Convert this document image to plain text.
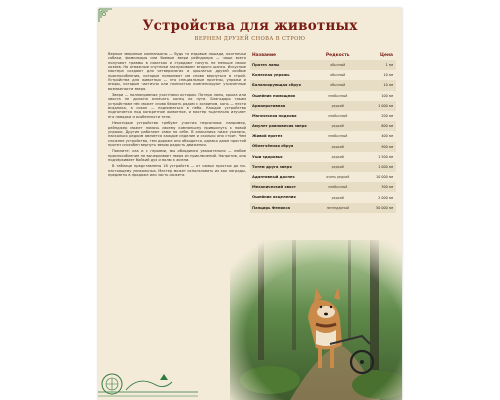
Устройства для животных
ВЕРНЕМ ДРУЗЕЙ СНОВА В СТРОЮ

Верные звериные компаньоны — будь то ездовые лошади, охотничьи собаки, фамильяры или боевые звери рейнджера — чаще всего получают травмы в схватках и страдают ничуть не меньше своих хозяев. Но отважные спутники заслуживают второго шанса. Искусные мастера создают для четвероногих и крылатых друзей особые приспособления, которые позволяют им снова вернуться в строй. Устройства для животных — это специальные протезы, упряжи и опоры, которые частично или полностью компенсируют утраченные возможности зверя.

Звери — полноправные участники истории. Потеря лапы, крыла или хвоста не должна означать конец их пути. Благодаря таким устройствам пёс может снова бежать рядом с хозяином, конь — нести всадника, а сокол — подниматься в небо. Каждое устройство подгоняется под конкретное животное, и мастер тщательно изучает его повадки и особенности тела.

Некоторые устройства требуют участия персонажа: например, рейнджер может помочь своему компаньону привыкнуть к новой упряжи. Другие работают сами по себе. В описаниях ниже указано, насколько редким является каждое изделие и сколько оно стоит. Чем сложнее устройство, тем дороже оно обходится, однако даже простой протез способен вернуть зверю радость движения.

Помните: как и с героями, мы обходимся уважительно — любое приспособление не вычеркивает зверя из приключений. Напротив, оно подчёркивает бойкий дух и волю к жизни.

В таблице представлены 16 устройств — от самых простых до по-настоящему уникальных. Мастер может использовать их как награды, предметы в продаже или часть сюжета.

Название	Редкость	Цена
Протез лапы	обычный	1 зм
Колесная упряжь	обычный	10 зм
Балансирующая сбруя	обычный	10 зм
Ошейник помощник	необычный	100 зм
Армапротивная	редкий	1 000 зм
Магическая подкова	необычный	200 зм
Амулет равновесия зверя	редкий	800 зм
Живой протез	необычный	400 зм
Облегчённая сбруя	редкий	900 зм
Уши здоровья	редкий	1 500 зм
Тотем друга зверя	редкий	1 000 зм
Адаптивный доспех	очень редкий	10 000 зм
Механический хвост	необычный	300 зм
Ошейник исцеления	редкий	2 000 зм
Панцирь Феникса	легендарный	50 000 зм
